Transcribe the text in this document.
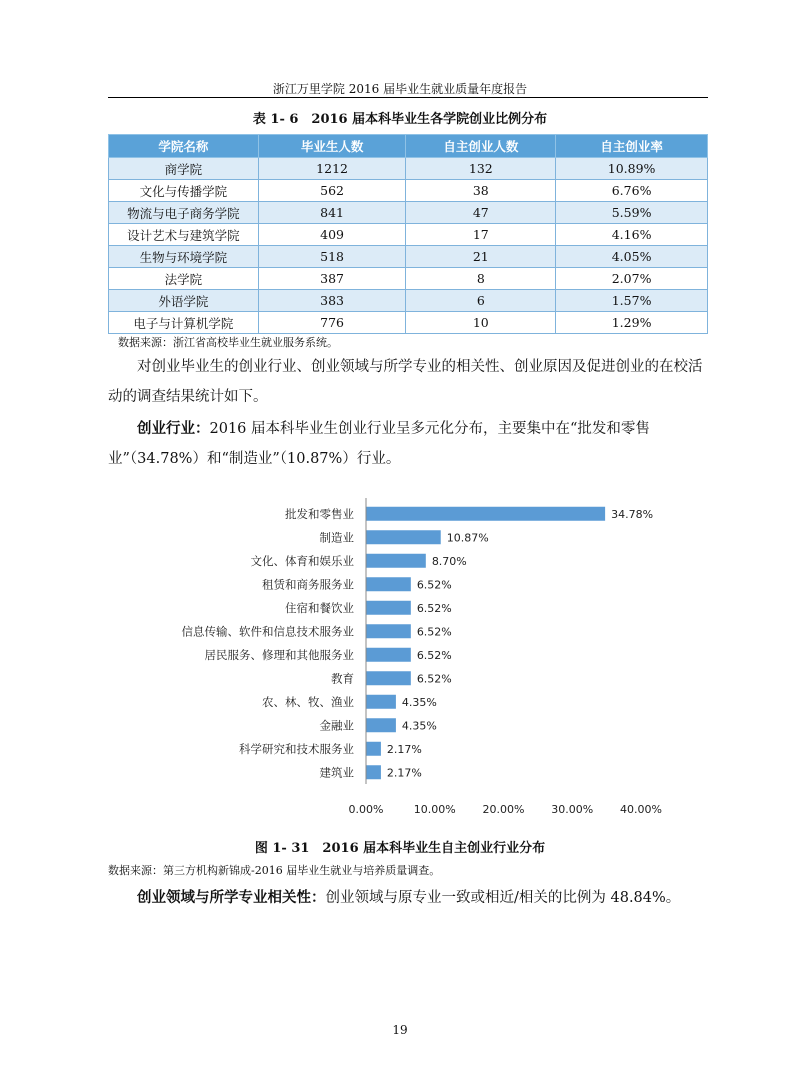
浙江万里学院 2016 届毕业生就业质量年度报告
表 1- 6　2016 届本科毕业生各学院创业比例分布
学院名称	毕业生人数	自主创业人数	自主创业率
商学院	1212	132	10.89%
文化与传播学院	562	38	6.76%
物流与电子商务学院	841	47	5.59%
设计艺术与建筑学院	409	17	4.16%
生物与环境学院	518	21	4.05%
法学院	387	8	2.07%
外语学院	383	6	1.57%
电子与计算机学院	776	10	1.29%
数据来源：浙江省高校毕业生就业服务系统。
对创业毕业生的创业行业、创业领域与所学专业的相关性、创业原因及促进创业的在校活动的调查结果统计如下。
创业行业：2016 届本科毕业生创业行业呈多元化分布，主要集中在“批发和零售业”（34.78%）和“制造业”（10.87%）行业。
批发和零售业	34.78%
制造业	10.87%
文化、体育和娱乐业	8.70%
租赁和商务服务业	6.52%
住宿和餐饮业	6.52%
信息传输、软件和信息技术服务业	6.52%
居民服务、修理和其他服务业	6.52%
教育	6.52%
农、林、牧、渔业	4.35%
金融业	4.35%
科学研究和技术服务业	2.17%
建筑业	2.17%
0.00%	10.00% 20.00% 30.00% 40.00%
图 1- 31　2016 届本科毕业生自主创业行业分布
数据来源：第三方机构新锦成-2016 届毕业生就业与培养质量调查。
创业领域与所学专业相关性：创业领域与原专业一致或相近/相关的比例为 48.84%。
19
